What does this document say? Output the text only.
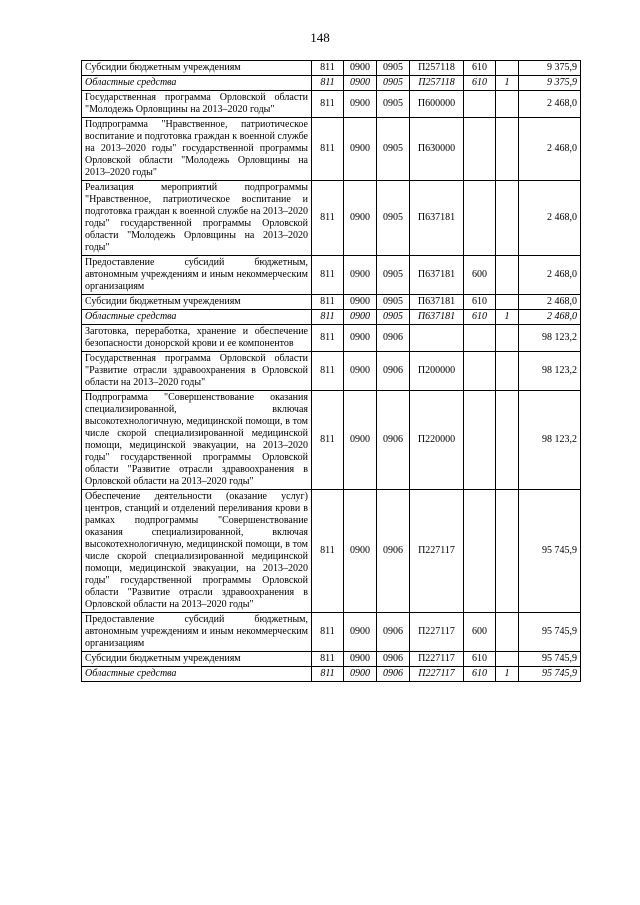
148
Субсидии бюджетным учреждениям	811	0900	0905	П257118	610		9 375,9
Областные средства	811	0900	0905	П257118	610	1	9 375,9
Государственная программа Орловской области "Молодежь Орловщины на 2013–2020 годы"	811	0900	0905	П600000			2 468,0
Подпрограмма "Нравственное, патриотическое воспитание и подготовка граждан к военной службе на 2013–2020 годы" государственной программы Орловской области "Молодежь Орловщины на 2013–2020 годы"	811	0900	0905	П630000			2 468,0
Реализация мероприятий подпрограммы "Нравственное, патриотическое воспитание и подготовка граждан к военной службе на 2013–2020 годы" государственной программы Орловской области "Молодежь Орловщины на 2013–2020 годы"	811	0900	0905	П637181			2 468,0
Предоставление субсидий бюджетным, автономным учреждениям и иным некоммерческим организациям	811	0900	0905	П637181	600		2 468,0
Субсидии бюджетным учреждениям	811	0900	0905	П637181	610		2 468,0
Областные средства	811	0900	0905	П637181	610	1	2 468,0
Заготовка, переработка, хранение и обеспечение безопасности донорской крови и ее компонентов	811	0900	0906				98 123,2
Государственная программа Орловской области "Развитие отрасли здравоохранения в Орловской области на 2013–2020 годы"	811	0900	0906	П200000			98 123,2
Подпрограмма "Совершенствование оказания специализированной, включая высокотехнологичную, медицинской помощи, в том числе скорой специализированной медицинской помощи, медицинской эвакуации, на 2013–2020 годы" государственной программы Орловской области "Развитие отрасли здравоохранения в Орловской области на 2013–2020 годы"	811	0900	0906	П220000			98 123,2
Обеспечение деятельности (оказание услуг) центров, станций и отделений переливания крови в рамках подпрограммы "Совершенствование оказания специализированной, включая высокотехнологичную, медицинской помощи, в том числе скорой специализированной медицинской помощи, медицинской эвакуации, на 2013–2020 годы" государственной программы Орловской области "Развитие отрасли здравоохранения в Орловской области на 2013–2020 годы"	811	0900	0906	П227117			95 745,9
Предоставление субсидий бюджетным, автономным учреждениям и иным некоммерческим организациям	811	0900	0906	П227117	600		95 745,9
Субсидии бюджетным учреждениям	811	0900	0906	П227117	610		95 745,9
Областные средства	811	0900	0906	П227117	610	1	95 745,9
